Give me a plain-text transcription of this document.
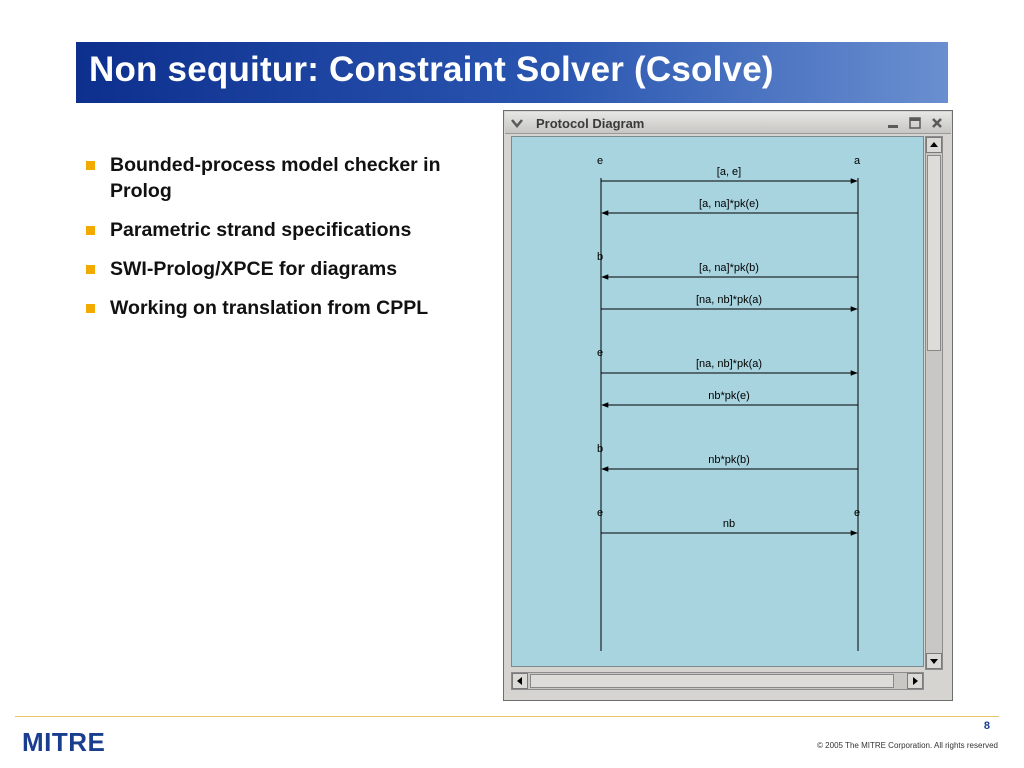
Non sequitur: Constraint Solver (Csolve)
Bounded-process model checker in Prolog
Parametric strand specifications
SWI-Prolog/XPCE for diagrams
Working on translation from CPPL
Protocol Diagram
e
b
e
b
e
a
e
[a, e]
[a, na]*pk(e)
[a, na]*pk(b)
[na, nb]*pk(a)
[na, nb]*pk(a)
nb*pk(e)
nb*pk(b)
nb
MITRE
8
© 2005 The MITRE Corporation. All rights reserved
